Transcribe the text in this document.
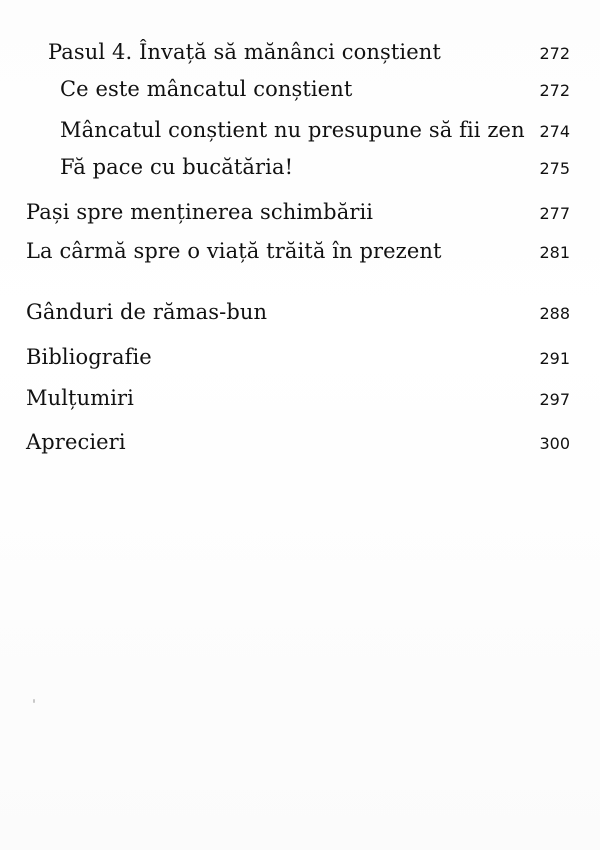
Pasul 4. Învață să mănânci conștient	272
Ce este mâncatul conștient	272
Mâncatul conștient nu presupune să fii zen 274
Fă pace cu bucătăria!	275
Pași spre menținerea schimbării	277
La cârmă spre o viață trăită în prezent	281
Gânduri de rămas-bun	288
Bibliografie	291
Mulțumiri	297
Aprecieri	300
